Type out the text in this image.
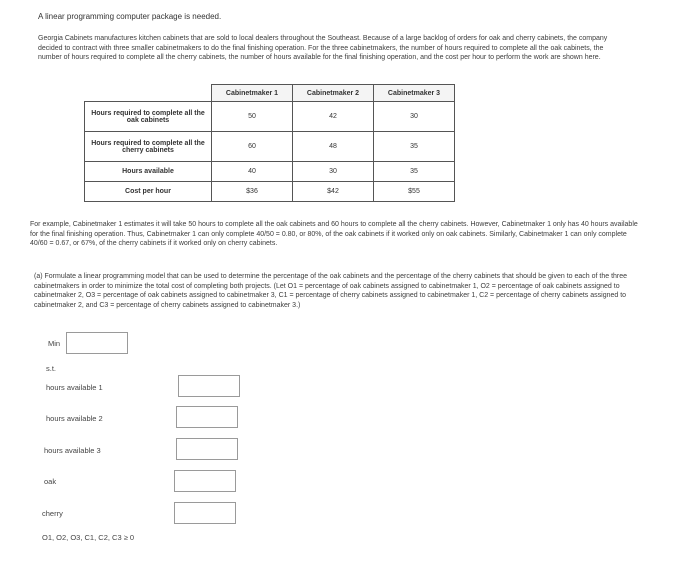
A linear programming computer package is needed.
Georgia Cabinets manufactures kitchen cabinets that are sold to local dealers throughout the Southeast. Because of a large backlog of orders for oak and cherry cabinets, the company decided to contract with three smaller cabinetmakers to do the final finishing operation. For the three cabinetmakers, the number of hours required to complete all the oak cabinets, the number of hours required to complete all the cherry cabinets, the number of hours available for the final finishing operation, and the cost per hour to perform the work are shown here.
	Cabinetmaker 1	Cabinetmaker 2	Cabinetmaker 3
Hours required to complete all the oak cabinets	50	42	30
Hours required to complete all the cherry cabinets	60	48	35
Hours available	40	30	35
Cost per hour	$36	$42	$55
For example, Cabinetmaker 1 estimates it will take 50 hours to complete all the oak cabinets and 60 hours to complete all the cherry cabinets. However, Cabinetmaker 1 only has 40 hours available for the final finishing operation. Thus, Cabinetmaker 1 can only complete 40/50 = 0.80, or 80%, of the oak cabinets if it worked only on oak cabinets. Similarly, Cabinetmaker 1 can only complete 40/60 = 0.67, or 67%, of the cherry cabinets if it worked only on cherry cabinets.
(a) Formulate a linear programming model that can be used to determine the percentage of the oak cabinets and the percentage of the cherry cabinets that should be given to each of the three cabinetmakers in order to minimize the total cost of completing both projects. (Let O1 = percentage of oak cabinets assigned to cabinetmaker 1, O2 = percentage of oak cabinets assigned to cabinetmaker 2, O3 = percentage of oak cabinets assigned to cabinetmaker 3, C1 = percentage of cherry cabinets assigned to cabinetmaker 1, C2 = percentage of cherry cabinets assigned to cabinetmaker 2, and C3 = percentage of cherry cabinets assigned to cabinetmaker 3.)
Min
s.t.
hours available 1
hours available 2
hours available 3
oak
cherry
O1, O2, O3, C1, C2, C3 ≥ 0
